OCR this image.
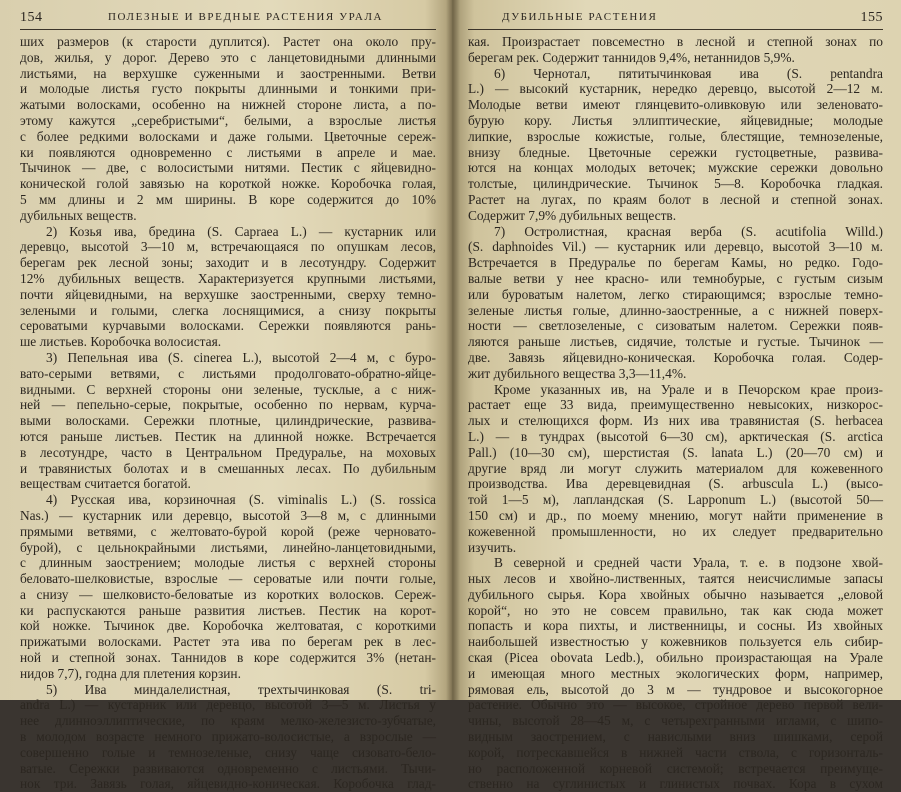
154	ПОЛЕЗНЫЕ И ВРЕДНЫЕ РАСТЕНИЯ УРАЛА
ших размеров (к старости дуплится). Растет она около пру-
дов, жилья, у дорог. Дерево это с ланцетовидными длинными
листьями, на верхушке суженными и заостренными. Ветви
и молодые листья густо покрыты длинными и тонкими при-
жатыми волосками, особенно на нижней стороне листа, а по-
этому кажутся „серебристыми“, белыми, а взрослые листья
с более редкими волосками и даже голыми. Цветочные сереж-
ки появляются одновременно с листьями в апреле и мае.
Тычинок — две, с волосистыми нитями. Пестик с яйцевидно-
конической голой завязью на короткой ножке. Коробочка голая,
5 мм длины и 2 мм ширины. В коре содержится до 10%
дубильных веществ.
2) Козья ива, бредина (S. Capraea L.) — кустарник или
деревцо, высотой 3—10 м, встречающаяся по опушкам лесов,
берегам рек лесной зоны; заходит и в лесотундру. Содержит
12% дубильных веществ. Характеризуется крупными листьями,
почти яйцевидными, на верхушке заостренными, сверху темно-
зелеными и голыми, слегка лоснящимися, а снизу покрыты
сероватыми курчавыми волосками. Сережки появляются рань-
ше листьев. Коробочка волосистая.
3) Пепельная ива (S. cinerea L.), высотой 2—4 м, с буро-
вато-серыми ветвями, с листьями продолговато-обратно-яйце-
видными. С верхней стороны они зеленые, тусклые, а с ниж-
ней — пепельно-серые, покрытые, особенно по нервам, курча-
выми волосками. Сережки плотные, цилиндрические, развива-
ются раньше листьев. Пестик на длинной ножке. Встречается
в лесотундре, часто в Центральном Предуралье, на моховых
и травянистых болотах и в смешанных лесах. По дубильным
веществам считается богатой.
4) Русская ива, корзиночная (S. viminalis L.) (S. rossica
Nas.) — кустарник или деревцо, высотой 3—8 м, с длинными
прямыми ветвями, с желтовато-бурой корой (реже черновато-
бурой), с цельнокрайными листьями, линейно-ланцетовидными,
с длинным заострением; молодые листья с верхней стороны
беловато-шелковистые, взрослые — сероватые или почти голые,
а снизу — шелковисто-беловатые из коротких волосков. Сереж-
ки распускаются раньше развития листьев. Пестик на корот-
кой ножке. Тычинок две. Коробочка желтоватая, с короткими
прижатыми волосками. Растет эта ива по берегам рек в лес-
ной и степной зонах. Таннидов в коре содержится 3% (нетан-
нидов 7,7), годна для плетения корзин.
5) Ива миндалелистная, трехтычинковая (S. tri-
andra L.) — кустарник или деревцо, высотой 3—5 м. Листья у
нее длинноэллиптические, по краям мелко-железисто-зубчатые,
в молодом возрасте немного прижато-волосистые, а взрослые —
совершенно голые и темнозеленые, снизу чаще сизовато-бело-
ватые. Сережки развиваются одновременно с листьями. Тычи-
нок три. Завязь голая, яйцевидно-коническая. Коробочка глад-
ДУБИЛЬНЫЕ РАСТЕНИЯ	155
кая. Произрастает повсеместно в лесной и степной зонах по
берегам рек. Содержит таннидов 9,4%, нетаннидов 5,9%.
6) Чернотал, пятитычинковая ива (S. pentandra
L.) — высокий кустарник, нередко деревцо, высотой 2—12 м.
Молодые ветви имеют глянцевито-оливковую или зеленовато-
бурую кору. Листья эллиптические, яйцевидные; молодые
липкие, взрослые кожистые, голые, блестящие, темнозеленые,
внизу бледные. Цветочные сережки густоцветные, развива-
ются на концах молодых веточек; мужские сережки довольно
толстые, цилиндрические. Тычинок 5—8. Коробочка гладкая.
Растет на лугах, по краям болот в лесной и степной зонах.
Содержит 7,9% дубильных веществ.
7) Остролистная, красная верба (S. acutifolia Willd.)
(S. daphnoides Vil.) — кустарник или деревцо, высотой 3—10 м.
Встречается в Предуралье по берегам Камы, но редко. Годо-
валые ветви у нее красно- или темнобурые, с густым сизым
или буроватым налетом, легко стирающимся; взрослые темно-
зеленые листья голые, длинно-заостренные, а с нижней поверх-
ности — светлозеленые, с сизоватым налетом. Сережки появ-
ляются раньше листьев, сидячие, толстые и густые. Тычинок —
две. Завязь яйцевидно-коническая. Коробочка голая. Содер-
жит дубильного вещества 3,3—11,4%.
Кроме указанных ив, на Урале и в Печорском крае произ-
растает еще 33 вида, преимущественно невысоких, низкорос-
лых и стелющихся форм. Из них ива травянистая (S. herbacea
L.) — в тундрах (высотой 6—30 см), арктическая (S. arctica
Pall.) (10—30 см), шерстистая (S. lanata L.) (20—70 см) и
другие вряд ли могут служить материалом для кожевенного
производства. Ива деревцевидная (S. arbuscula L.) (высо-
той 1—5 м), лапландская (S. Lapponum L.) (высотой 50—
150 см) и др., по моему мнению, могут найти применение в
кожевенной промышленности, но их следует предварительно
изучить.
В северной и средней части Урала, т. е. в подзоне хвой-
ных лесов и хвойно-лиственных, таятся неисчислимые запасы
дубильного сырья. Кора хвойных обычно называется „еловой
корой“, но это не совсем правильно, так как сюда может
попасть и кора пихты, и лиственницы, и сосны. Из хвойных
наибольшей известностью у кожевников пользуется ель сибир-
ская (Picea obovata Ledb.), обильно произрастающая на Урале
и имеющая много местных экологических форм, например,
рямовая ель, высотой до 3 м — тундровое и высокогорное
растение. Обычно это — высокое, стройное дерево первой вели-
чины, высотой 28—45 м, с четырехгранными иглами, с шипо-
видным заострением, с навислыми вниз шишками, серой
корой, потрескавшейся в нижней части ствола, с горизонталь-
но расположенной корневой системой; встречается преимуще-
ственно на суглинистых и глинистых почвах. Кора в сухом
